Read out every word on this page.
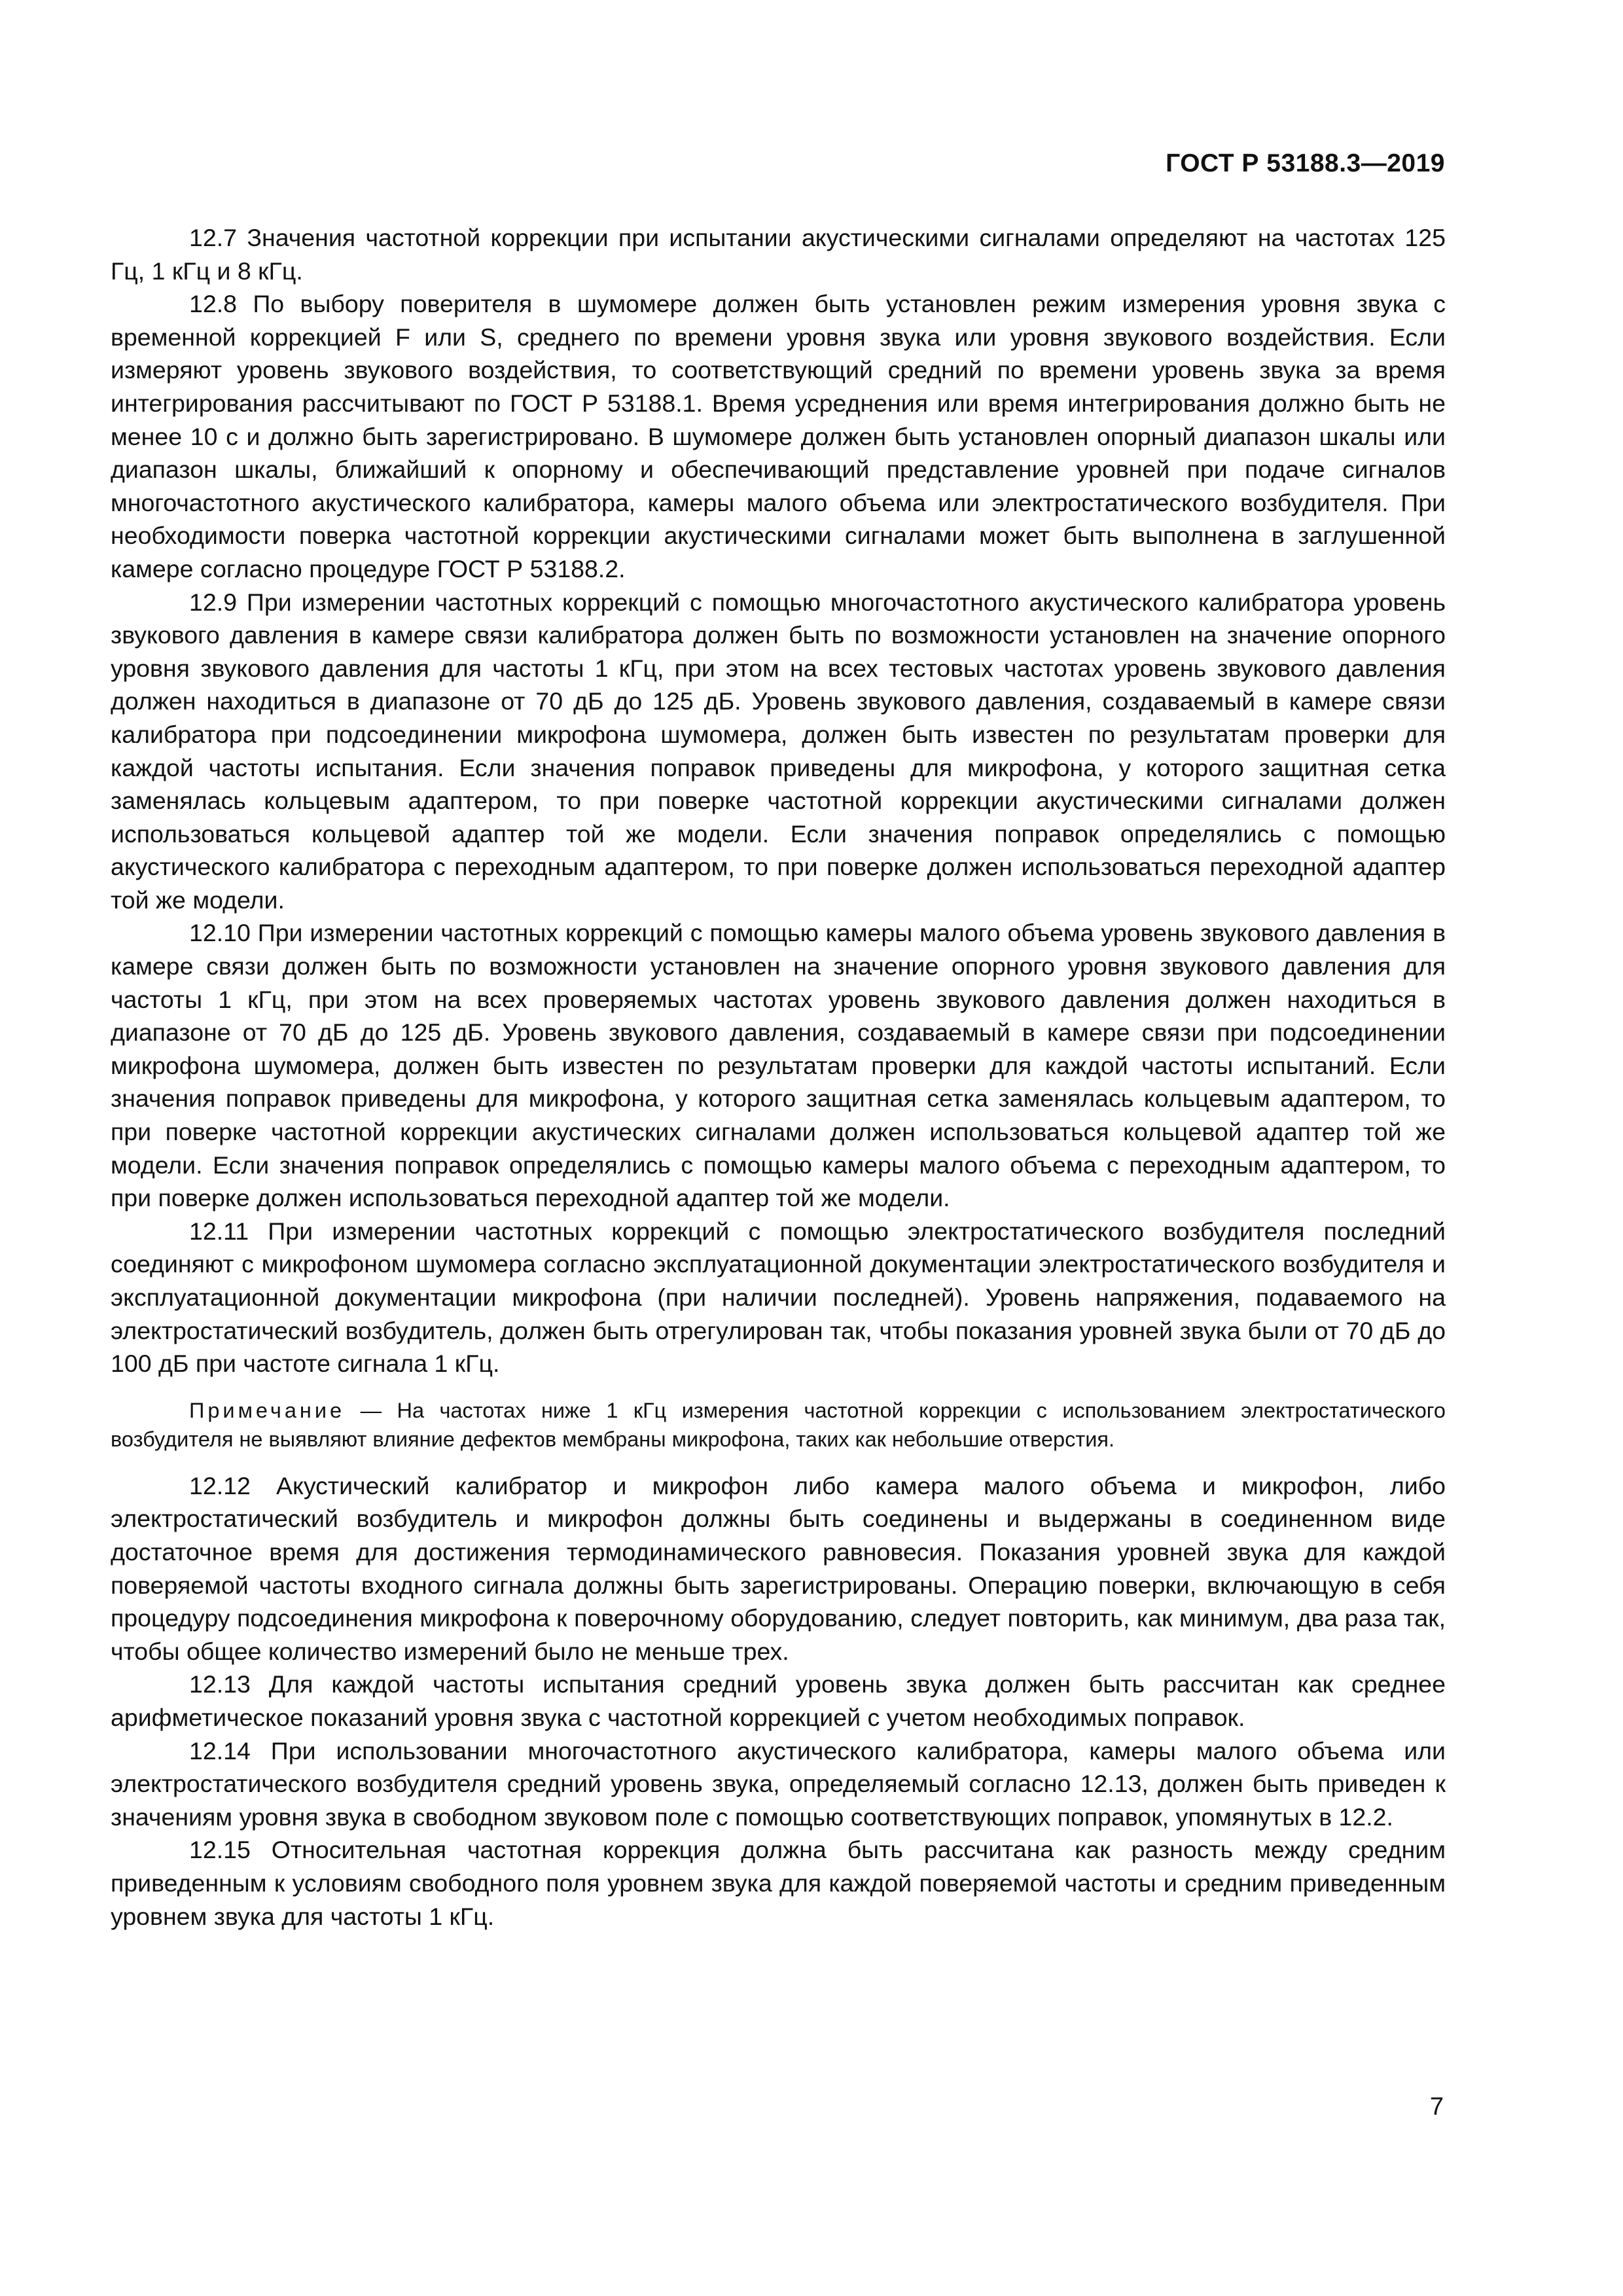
ГОСТ Р 53188.3—2019

12.7 Значения частотной коррекции при испытании акустическими сигналами определяют на частотах 125 Гц, 1 кГц и 8 кГц.

12.8 По выбору поверителя в шумомере должен быть установлен режим измерения уровня звука с временной коррекцией F или S, среднего по времени уровня звука или уровня звукового воздействия. Если измеряют уровень звукового воздействия, то соответствующий средний по времени уровень звука за время интегрирования рассчитывают по ГОСТ Р 53188.1. Время усреднения или время интегрирования должно быть не менее 10 с и должно быть зарегистрировано. В шумомере должен быть установлен опорный диапазон шкалы или диапазон шкалы, ближайший к опорному и обеспечивающий представление уровней при подаче сигналов многочастотного акустического калибратора, камеры малого объема или электростатического возбудителя. При необходимости поверка частотной коррекции акустическими сигналами может быть выполнена в заглушенной камере согласно процедуре ГОСТ Р 53188.2.

12.9 При измерении частотных коррекций с помощью многочастотного акустического калибратора уровень звукового давления в камере связи калибратора должен быть по возможности установлен на значение опорного уровня звукового давления для частоты 1 кГц, при этом на всех тестовых частотах уровень звукового давления должен находиться в диапазоне от 70 дБ до 125 дБ. Уровень звукового давления, создаваемый в камере связи калибратора при подсоединении микрофона шумомера, должен быть известен по результатам проверки для каждой частоты испытания. Если значения поправок приведены для микрофона, у которого защитная сетка заменялась кольцевым адаптером, то при поверке частотной коррекции акустическими сигналами должен использоваться кольцевой адаптер той же модели. Если значения поправок определялись с помощью акустического калибратора с переходным адаптером, то при поверке должен использоваться переходной адаптер той же модели.

12.10 При измерении частотных коррекций с помощью камеры малого объема уровень звукового давления в камере связи должен быть по возможности установлен на значение опорного уровня звукового давления для частоты 1 кГц, при этом на всех проверяемых частотах уровень звукового давления должен находиться в диапазоне от 70 дБ до 125 дБ. Уровень звукового давления, создаваемый в камере связи при подсоединении микрофона шумомера, должен быть известен по результатам проверки для каждой частоты испытаний. Если значения поправок приведены для микрофона, у которого защитная сетка заменялась кольцевым адаптером, то при поверке частотной коррекции акустических сигналами должен использоваться кольцевой адаптер той же модели. Если значения поправок определялись с помощью камеры малого объема с переходным адаптером, то при поверке должен использоваться переходной адаптер той же модели.

12.11 При измерении частотных коррекций с помощью электростатического возбудителя последний соединяют с микрофоном шумомера согласно эксплуатационной документации электростатического возбудителя и эксплуатационной документации микрофона (при наличии последней). Уровень напряжения, подаваемого на электростатический возбудитель, должен быть отрегулирован так, чтобы показания уровней звука были от 70 дБ до 100 дБ при частоте сигнала 1 кГц.

Примечание — На частотах ниже 1 кГц измерения частотной коррекции с использованием электростатического возбудителя не выявляют влияние дефектов мембраны микрофона, таких как небольшие отверстия.

12.12 Акустический калибратор и микрофон либо камера малого объема и микрофон, либо электростатический возбудитель и микрофон должны быть соединены и выдержаны в соединенном виде достаточное время для достижения термодинамического равновесия. Показания уровней звука для каждой поверяемой частоты входного сигнала должны быть зарегистрированы. Операцию поверки, включающую в себя процедуру подсоединения микрофона к поверочному оборудованию, следует повторить, как минимум, два раза так, чтобы общее количество измерений было не меньше трех.

12.13 Для каждой частоты испытания средний уровень звука должен быть рассчитан как среднее арифметическое показаний уровня звука с частотной коррекцией с учетом необходимых поправок.

12.14 При использовании многочастотного акустического калибратора, камеры малого объема или электростатического возбудителя средний уровень звука, определяемый согласно 12.13, должен быть приведен к значениям уровня звука в свободном звуковом поле с помощью соответствующих поправок, упомянутых в 12.2.

12.15 Относительная частотная коррекция должна быть рассчитана как разность между средним приведенным к условиям свободного поля уровнем звука для каждой поверяемой частоты и средним приведенным уровнем звука для частоты 1 кГц.

7
